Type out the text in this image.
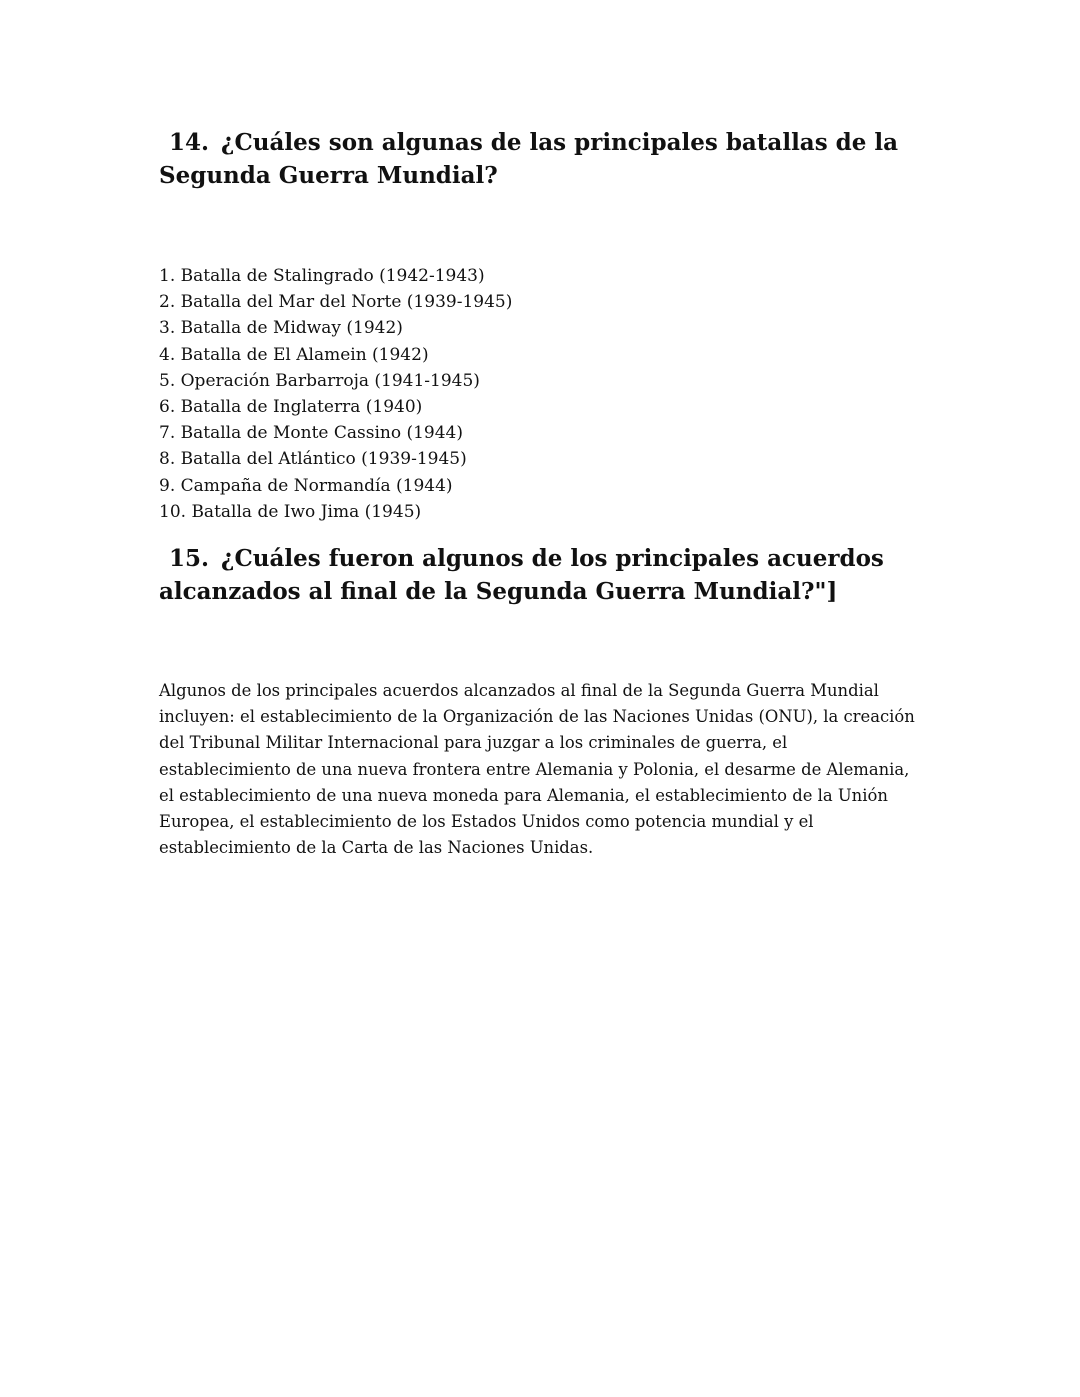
14. ¿Cuáles son algunas de las principales batallas de la Segunda Guerra Mundial?
1. Batalla de Stalingrado (1942-1943)
2. Batalla del Mar del Norte (1939-1945)
3. Batalla de Midway (1942)
4. Batalla de El Alamein (1942)
5. Operación Barbarroja (1941-1945)
6. Batalla de Inglaterra (1940)
7. Batalla de Monte Cassino (1944)
8. Batalla del Atlántico (1939-1945)
9. Campaña de Normandía (1944)
10. Batalla de Iwo Jima (1945)
15. ¿Cuáles fueron algunos de los principales acuerdos alcanzados al final de la Segunda Guerra Mundial?"]

Algunos de los principales acuerdos alcanzados al final de la Segunda Guerra Mundial incluyen: el establecimiento de la Organización de las Naciones Unidas (ONU), la creación del Tribunal Militar Internacional para juzgar a los criminales de guerra, el establecimiento de una nueva frontera entre Alemania y Polonia, el desarme de Alemania, el establecimiento de una nueva moneda para Alemania, el establecimiento de la Unión Europea, el establecimiento de los Estados Unidos como potencia mundial y el establecimiento de la Carta de las Naciones Unidas.
